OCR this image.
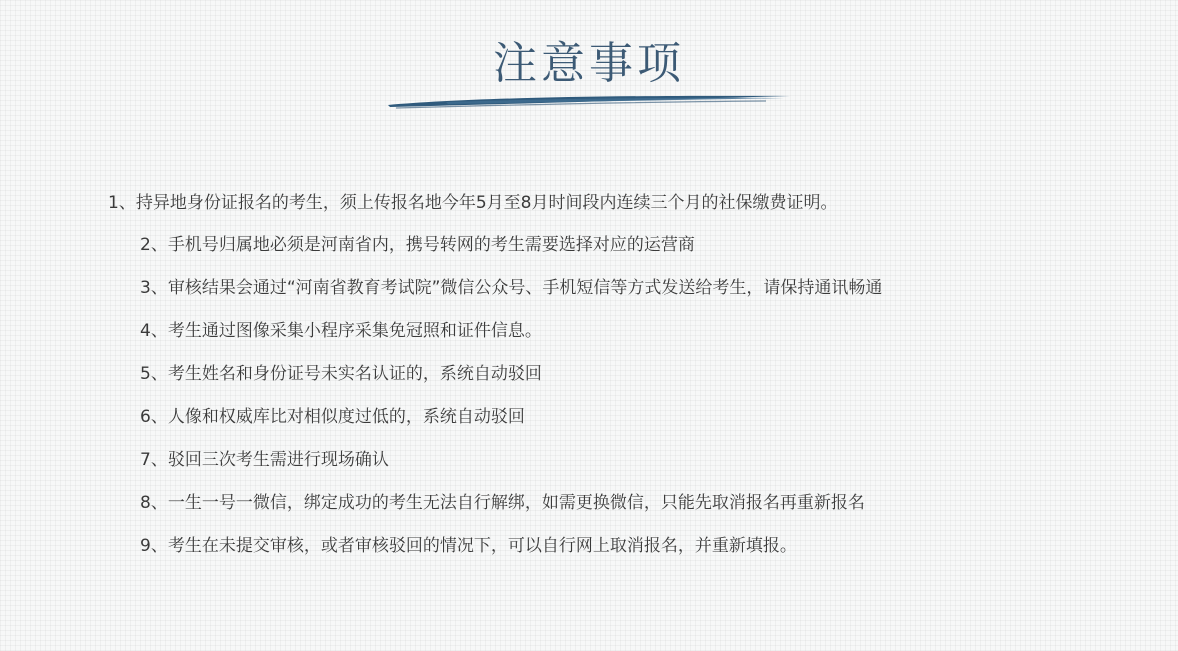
注意事项
1、持异地身份证报名的考生，须上传报名地今年5月至8月时间段内连续三个月的社保缴费证明。
2、手机号归属地必须是河南省内，携号转网的考生需要选择对应的运营商
3、审核结果会通过“河南省教育考试院”微信公众号、手机短信等方式发送给考生，请保持通讯畅通
4、考生通过图像采集小程序采集免冠照和证件信息。
5、考生姓名和身份证号未实名认证的，系统自动驳回
6、人像和权威库比对相似度过低的，系统自动驳回
7、驳回三次考生需进行现场确认
8、一生一号一微信，绑定成功的考生无法自行解绑，如需更换微信，只能先取消报名再重新报名
9、考生在未提交审核，或者审核驳回的情况下，可以自行网上取消报名，并重新填报。
